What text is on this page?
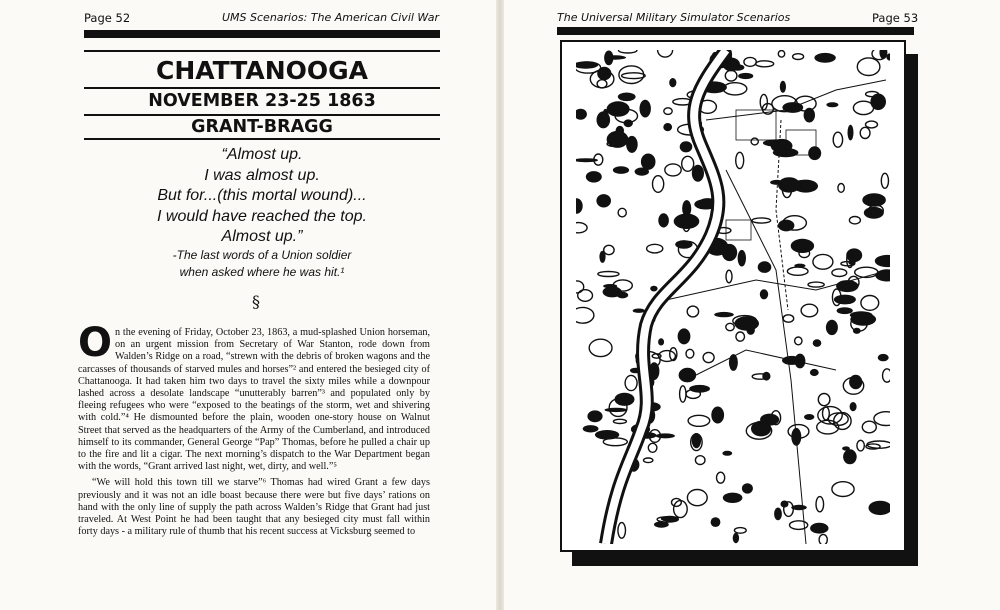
Page 52	UMS Scenarios: The American Civil War
CHATTANOOGA
NOVEMBER 23-25 1863
GRANT-BRAGG
“Almost up.
I was almost up.
But for...(this mortal wound)...
I would have reached the top.
Almost up.”
-The last words of a Union soldier
when asked where he was hit.¹
§

On the evening of Friday, October 23, 1863, a mud-splashed Union horseman, on an urgent mission from Secretary of War Stanton, rode down from Walden’s Ridge on a road, “strewn with the debris of broken wagons and the carcasses of thousands of starved mules and horses”² and entered the besieged city of Chattanooga. It had taken him two days to travel the sixty miles while a downpour lashed across a desolate landscape “unutterably barren”³ and populated only by fleeing refugees who were “exposed to the beatings of the storm, wet and shivering with cold.”⁴ He dismounted before the plain, wooden one-story house on Walnut Street that served as the headquarters of the Army of the Cumberland, and introduced himself to its commander, General George “Pap” Thomas, before he pulled a chair up to the fire and lit a cigar. The next morning’s dispatch to the War Department began with the words, “Grant arrived last night, wet, dirty, and well.”⁵

“We will hold this town till we starve”⁶ Thomas had wired Grant a few days previously and it was not an idle boast because there were but five days’ rations on hand with the only line of supply the path across Walden’s Ridge that Grant had just traveled. At West Point he had been taught that any besieged city must fall within forty days - a military rule of thumb that his recent success at Vicksburg seemed to

The Universal Military Simulator Scenarios	Page 53
